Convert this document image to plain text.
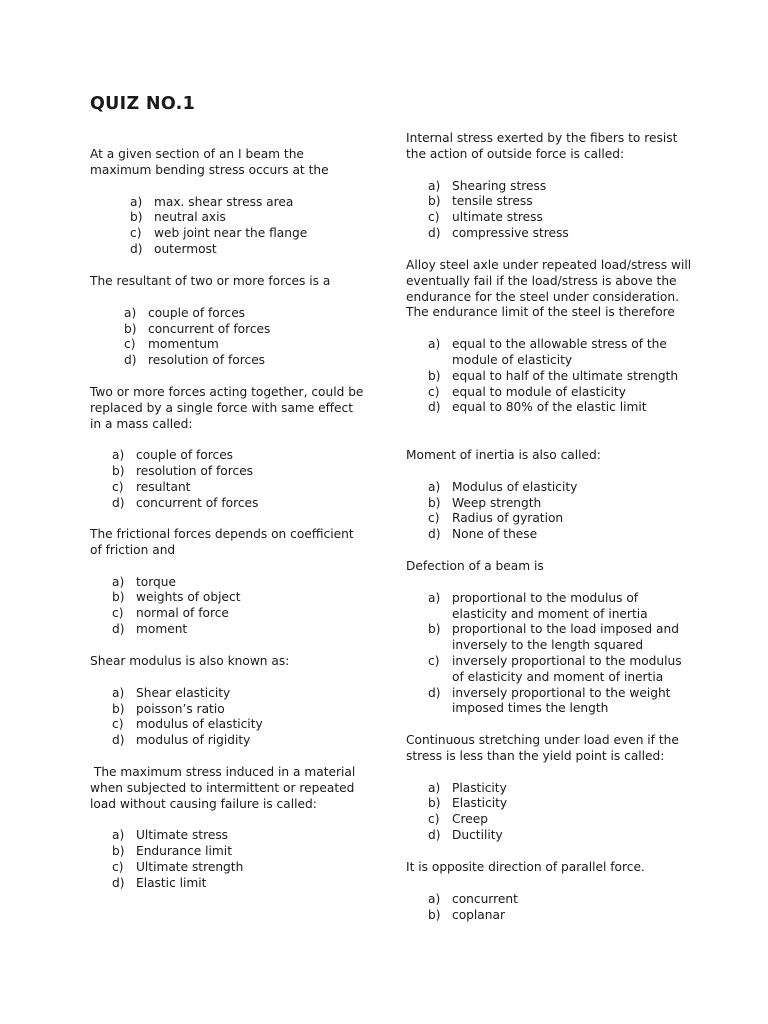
QUIZ NO.1

At a given section of an I beam the maximum bending stress occurs at the

a) max. shear stress area
b) neutral axis
c)	web joint near the flange
d) outermost

The resultant of two or more forces is a

a) couple of forces
b) concurrent of forces
c)	momentum
d) resolution of forces

Two or more forces acting together, could be replaced by a single force with same effect in a mass called:

a) couple of forces
b) resolution of forces
c)	resultant
d) concurrent of forces

The frictional forces depends on coefficient of friction and

a) torque
b) weights of object
c)	normal of force
d) moment

Shear modulus is also known as:

a) Shear elasticity
b) poisson’s ratio
c)	modulus of elasticity
d) modulus of rigidity

The maximum stress induced in a material when subjected to intermittent or repeated load without causing failure is called:

a) Ultimate stress
b) Endurance limit
c)	Ultimate strength
d) Elastic limit

Internal stress exerted by the fibers to resist the action of outside force is called:

a) Shearing stress
b) tensile stress
c)	ultimate stress
d) compressive stress

Alloy steel axle under repeated load/stress will eventually fail if the load/stress is above the endurance for the steel under consideration. The endurance limit of the steel is therefore

a) equal to the allowable stress of the module of elasticity
b) equal to half of the ultimate strength
c)	equal to module of elasticity
d) equal to 80% of the elastic limit

Moment of inertia is also called:

a) Modulus of elasticity
b) Weep strength
c)	Radius of gyration
d) None of these

Defection of a beam is

a) proportional to the modulus of elasticity and moment of inertia
b) proportional to the load imposed and inversely to the length squared
c)	inversely proportional to the modulus of elasticity and moment of inertia
d) inversely proportional to the weight imposed times the length

Continuous stretching under load even if the stress is less than the yield point is called:

a) Plasticity
b) Elasticity
c)	Creep
d) Ductility

It is opposite direction of parallel force.

a) concurrent
b) coplanar
